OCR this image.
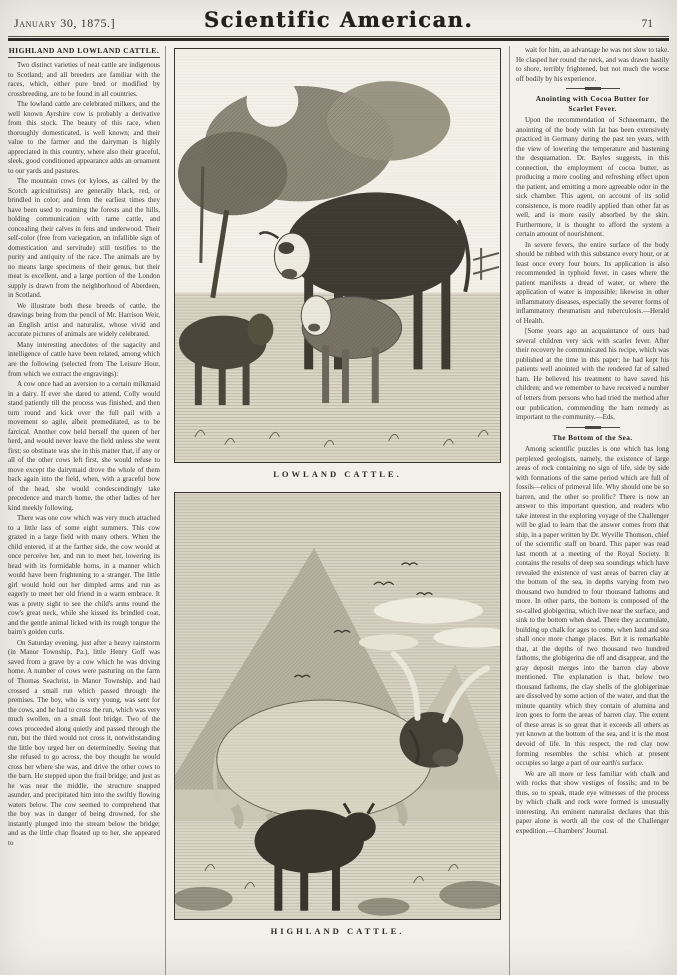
January 30, 1875.]	Scientific American.	71
HIGHLAND AND LOWLAND CATTLE.

Two distinct varieties of neat cattle are indigenous to Scotland; and all breeders are familiar with the races, which, either pure bred or modified by crossbreeding, are to be found in all countries.

The lowland cattle are celebrated milkers, and the well known Ayrshire cow is probably a derivative from this stock. The beauty of this race, when thoroughly domesticated, is well known; and their value to the farmer and the dairyman is highly appreciated in this country, where also their graceful, sleek, good conditioned appearance adds an ornament to our yards and pastures.

The mountain cows (or kyloes, as called by the Scotch agriculturists) are generally black, red, or brindled in color; and from the earliest times they have been used to roaming the forests and the hills, holding communication with tame cattle, and concealing their calves in fens and underwood. Their self-color (free from variegation, an infallible sign of domestication and servitude) still testifies to the purity and antiquity of the race. The animals are by no means large specimens of their genus, but their meat is excellent, and a large portion of the London supply is drawn from the neighborhood of Aberdeen, in Scotland.

We illustrate both these breeds of cattle, the drawings being from the pencil of Mr. Harrison Weir, an English artist and naturalist, whose vivid and accurate pictures of animals are widely celebrated.

Many interesting anecdotes of the sagacity and intelligence of cattle have been related, among which are the following (selected from The Leisure Hour, from which we extract the engravings):

A cow once had an aversion to a certain milkmaid in a dairy. If ever she dared to attend, Colly would stand patiently till the process was finished, and then turn round and kick over the full pail with a movement so agile, albeit premeditated, as to be farcical. Another cow held herself the queen of her herd, and would never leave the field unless she went first; so obstinate was she in this matter that, if any or all of the other cows left first, she would refuse to move except the dairymaid drove the whole of them back again into the field, when, with a graceful bow of the head, she would condescendingly take precedence and march home, the other ladies of her kind meekly following.

There was one cow which was very much attached to a little lass of some eight summers. This cow grazed in a large field with many others. When the child entered, if at the farther side, the cow would at once perceive her, and run to meet her, lowering its head with its formidable horns, in a manner which would have been frightening to a stranger. The little girl would hold out her dimpled arms and run as eagerly to meet her old friend in a warm embrace. It was a pretty sight to see the child's arms round the cow's great neck, while she kissed its brindled coat, and the gentle animal licked with its rough tongue the bairn's golden curls.

On Saturday evening, just after a heavy rainstorm (in Manor Township, Pa.), little Henry Goff was saved from a grave by a cow which he was driving home. A number of cows were pasturing on the farm of Thomas Seachrist, in Manor Township, and had crossed a small run which passed through the premises. The boy, who is very young, was sent for the cows, and he had to cross the run, which was very much swollen, on a small foot bridge. Two of the cows proceeded along quietly and passed through the run, but the third would not cross it, notwithstanding the little boy urged her on determinedly. Seeing that she refused to go across, the boy thought he would cross her where she was, and drive the other cows to the barn. He stepped upon the frail bridge; and just as he was near the middle, the structure snapped asunder, and precipitated him into the swiftly flowing waters below. The cow seemed to comprehend that the boy was in danger of being drowned, for she instantly plunged into the stream below the bridge; and as the little chap floated up to her, she appeared to

LOWLAND CATTLE.
HIGHLAND CATTLE.

wait for him, an advantage he was not slow to take. He clasped her round the neck, and was drawn hastily to shore, terribly frightened, but not much the worse off bodily by his experience.

Anointing with Cocoa Butter for Scarlet Fever.

Upon the recommendation of Schneemann, the anointing of the body with fat has been extensively practiced in Germany during the past ten years, with the view of lowering the temperature and hastening the desquamation. Dr. Bayles suggests, in this connection, the employment of cocoa butter, as producing a more cooling and refreshing effect upon the patient, and emitting a more agreeable odor in the sick chamber. This agent, on account of its solid consistence, is more readily applied than other fat as well, and is more easily absorbed by the skin. Furthermore, it is thought to afford the system a certain amount of nourishment.

In severe fevers, the entire surface of the body should be rubbed with this substance every hour, or at least once every four hours. Its application is also recommended in typhoid fever, in cases where the patient manifests a dread of water, or where the application of water is impossible; likewise in other inflammatory diseases, especially the severer forms of inflammatory rheumatism and tuberculosis.—Herald of Health.

[Some years ago an acquaintance of ours had several children very sick with scarlet fever. After their recovery he communicated his recipe, which was published at the time in this paper; he had kept his patients well anointed with the rendered fat of salted ham. He believed his treatment to have saved his children; and we remember to have received a number of letters from persons who had tried the method after our publication, commending the ham remedy as important to the community.—Eds.

The Bottom of the Sea.

Among scientific puzzles is one which has long perplexed geologists, namely, the existence of large areas of rock containing no sign of life, side by side with formations of the same period which are full of fossils—relics of primeval life. Why should one be so barren, and the other so prolific? There is now an answer to this important question, and readers who take interest in the exploring voyage of the Challenger will be glad to learn that the answer comes from that ship, in a paper written by Dr. Wyville Thomson, chief of the scientific staff on board. This paper was read last month at a meeting of the Royal Society. It contains the results of deep sea soundings which have revealed the existence of vast areas of barren clay at the bottom of the sea, in depths varying from two thousand two hundred to four thousand fathoms and more. In other parts, the bottom is composed of the so-called globigerina, which live near the surface, and sink to the bottom when dead. There they accumulate, building up chalk for ages to come, when land and sea shall once more change places. But it is remarkable that, at the depths of two thousand two hundred fathoms, the globigerina die off and disappear, and the gray deposit merges into the barren clay above mentioned. The explanation is that, below two thousand fathoms, the clay shells of the globigerinae are dissolved by some action of the water, and that the minute quantity which they contain of alumina and iron goes to form the areas of barren clay. The extent of these areas is so great that it exceeds all others as yet known at the bottom of the sea, and it is the most devoid of life. In this respect, the red clay now forming resembles the schist which at present occupies so large a part of our earth's surface.

We are all more or less familiar with chalk and with rocks that show vestiges of fossils; and to be thus, so to speak, made eye witnesses of the process by which chalk and rock were formed is unusually interesting. An eminent naturalist declares that this paper alone is worth all the cost of the Challenger expedition.—Chambers' Journal.
